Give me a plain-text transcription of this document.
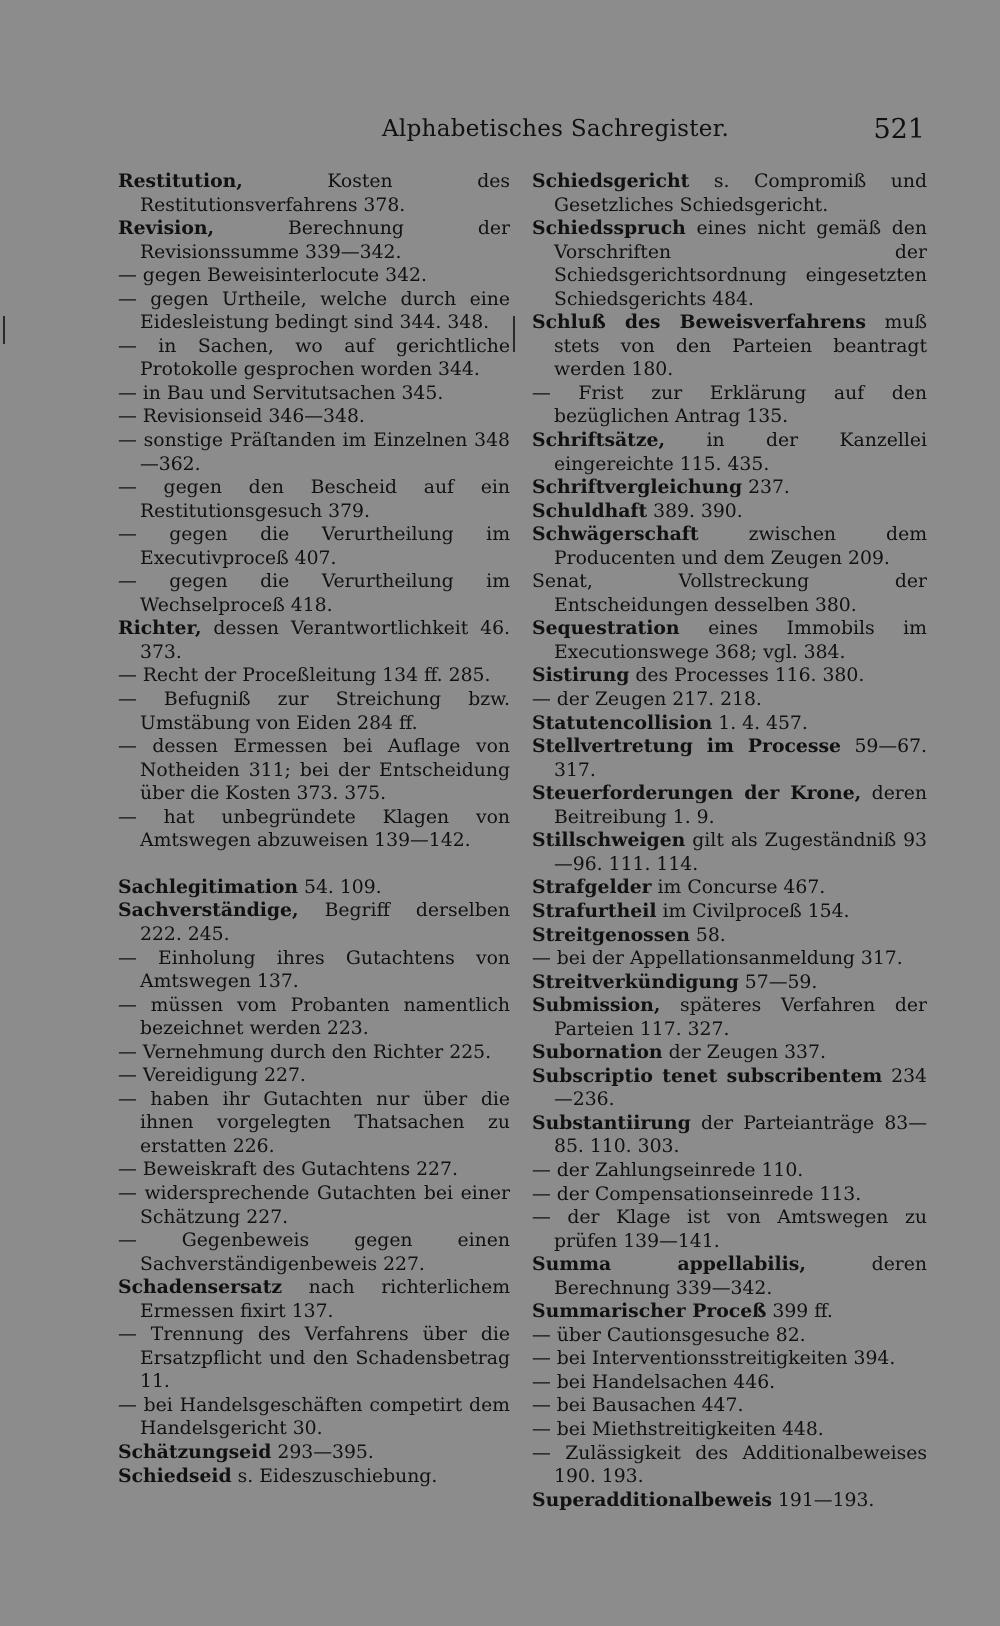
Alphabetisches Sachregister.	521

Restitution, Kosten des Restitutionsverfahrens 378.

Revision, Berechnung der Revisionssumme 339—342.

— gegen Beweisinterlocute 342.

— gegen Urtheile, welche durch eine Eidesleistung bedingt sind 344. 348.

— in Sachen, wo auf gerichtliche Protokolle gesprochen worden 344.

— in Bau und Servitutsachen 345.

— Revisionseid 346—348.

— sonstige Präſtanden im Einzelnen 348—362.

— gegen den Bescheid auf ein Restitutionsgesuch 379.

— gegen die Verurtheilung im Executivproceß 407.

— gegen die Verurtheilung im Wechselproceß 418.

Richter, dessen Verantwortlichkeit 46. 373.

— Recht der Proceßleitung 134 ff. 285.

— Befugniß zur Streichung bzw. Umstäbung von Eiden 284 ff.

— dessen Ermessen bei Auflage von Notheiden 311; bei der Entscheidung über die Kosten 373. 375.

— hat unbegründete Klagen von Amtswegen abzuweisen 139—142.

Sachlegitimation 54. 109.

Sachverständige, Begriff derselben 222. 245.

— Einholung ihres Gutachtens von Amtswegen 137.

— müssen vom Probanten namentlich bezeichnet werden 223.

— Vernehmung durch den Richter 225.

— Vereidigung 227.

— haben ihr Gutachten nur über die ihnen vorgelegten Thatsachen zu erstatten 226.

— Beweiskraft des Gutachtens 227.

— widersprechende Gutachten bei einer Schätzung 227.

— Gegenbeweis gegen einen Sachverständigenbeweis 227.

Schadensersatz nach richterlichem Ermessen fixirt 137.

— Trennung des Verfahrens über die Ersatzpflicht und den Schadensbetrag 11.

— bei Handelsgeschäften competirt dem Handelsgericht 30.

Schätzungseid 293—395.

Schiedseid s. Eideszuschiebung.

Schiedsgericht s. Compromiß und Gesetzliches Schiedsgericht.

Schiedsspruch eines nicht gemäß den Vorschriften der Schiedsgerichtsordnung eingesetzten Schiedsgerichts 484.

Schluß des Beweisverfahrens muß stets von den Parteien beantragt werden 180.

— Frist zur Erklärung auf den bezüglichen Antrag 135.

Schriftsätze, in der Kanzellei eingereichte 115. 435.

Schriftvergleichung 237.

Schuldhaft 389. 390.

Schwägerschaft zwischen dem Producenten und dem Zeugen 209.

Senat, Vollstreckung der Entscheidungen desselben 380.

Sequestration eines Immobils im Executionswege 368; vgl. 384.

Sistirung des Processes 116. 380.

— der Zeugen 217. 218.

Statutencollision 1. 4. 457.

Stellvertretung im Processe 59—67. 317.

Steuerforderungen der Krone, deren Beitreibung 1. 9.

Stillschweigen gilt als Zugeständniß 93—96. 111. 114.

Strafgelder im Concurse 467.

Strafurtheil im Civilproceß 154.

Streitgenossen 58.

— bei der Appellationsanmeldung 317.

Streitverkündigung 57—59.

Submission, späteres Verfahren der Parteien 117. 327.

Subornation der Zeugen 337.

Subscriptio tenet subscribentem 234—236.

Substantiirung der Parteianträge 83—85. 110. 303.

— der Zahlungseinrede 110.

— der Compensationseinrede 113.

— der Klage ist von Amtswegen zu prüfen 139—141.

Summa appellabilis, deren Berechnung 339—342.

Summarischer Proceß 399 ff.

— über Cautionsgesuche 82.

— bei Interventionsstreitigkeiten 394.

— bei Handelsachen 446.

— bei Bausachen 447.

— bei Miethstreitigkeiten 448.

— Zulässigkeit des Additionalbeweises 190. 193.

Superadditionalbeweis 191—193.
